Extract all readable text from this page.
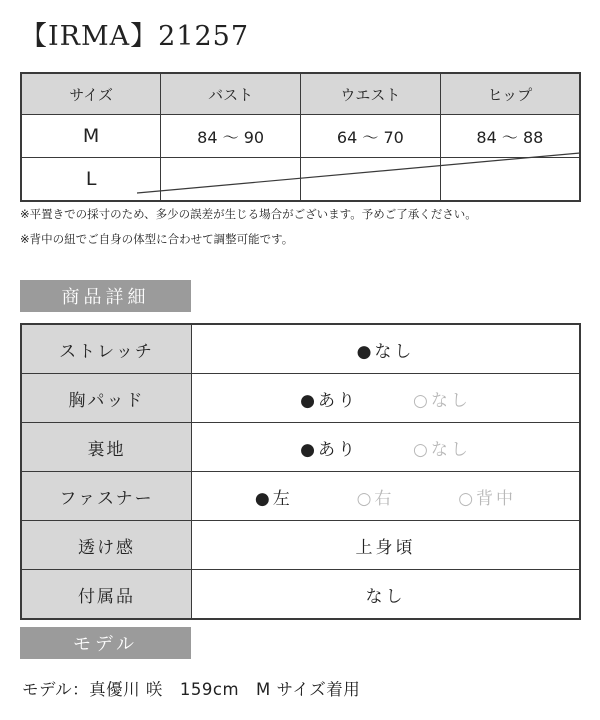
【IRMA】21257
サイズ	バスト	ウエスト	ヒップ
M	84 ～ 90	64 ～ 70	84 ～ 88
L			
※平置きでの採寸のため、多少の誤差が生じる場合がございます。予めご了承ください。
※背中の紐でご自身の体型に合わせて調整可能です。
商品詳細
ストレッチ	●なし
胸パッド	●あり ○なし

裏地	●あり ○なし

ファスナー	●左 ○右 ○背中

透け感	上身頃
付属品	なし
モデル
モデル：真優川 咲　159cm　M サイズ着用
